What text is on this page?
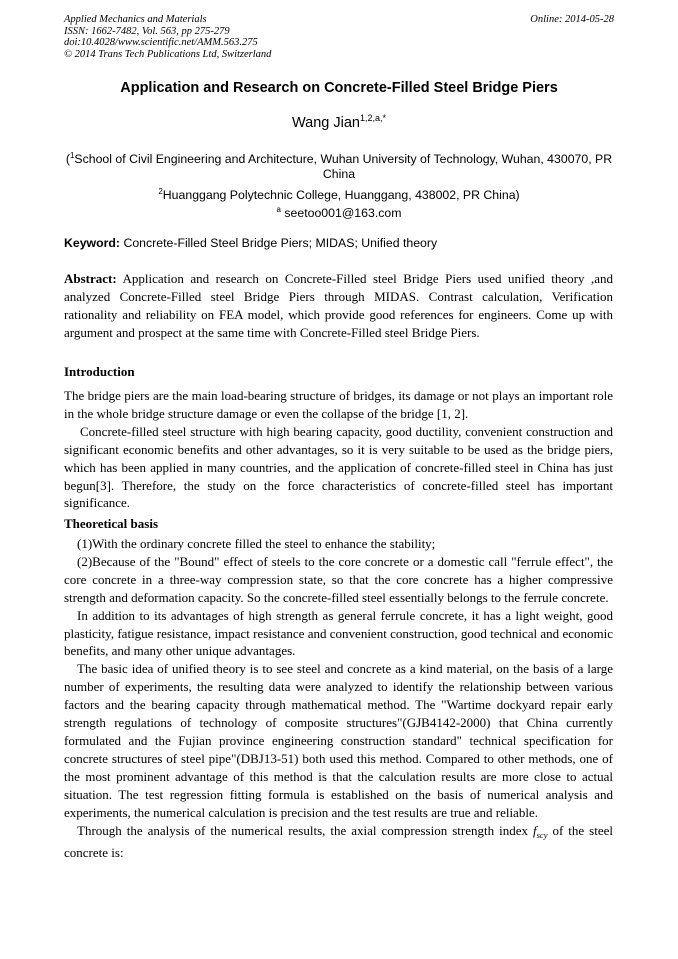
Applied Mechanics and Materials
ISSN: 1662-7482, Vol. 563, pp 275-279
doi:10.4028/www.scientific.net/AMM.563.275
© 2014 Trans Tech Publications Ltd, Switzerland
Online: 2014-05-28
Application and Research on Concrete-Filled Steel Bridge Piers
Wang Jian$^{1,2,a,*}$
($^1$School of Civil Engineering and Architecture, Wuhan University of Technology, Wuhan, 430070, PR China
$^2$Huanggang Polytechnic College, Huanggang, 438002, PR China)
$^a$ seetoo001@163.com
Keyword: Concrete-Filled Steel Bridge Piers; MIDAS; Unified theory

Abstract: Application and research on Concrete-Filled steel Bridge Piers used unified theory ,and analyzed Concrete-Filled steel Bridge Piers through MIDAS. Contrast calculation, Verification rationality and reliability on FEA model, which provide good references for engineers. Come up with argument and prospect at the same time with Concrete-Filled steel Bridge Piers.

Introduction

The bridge piers are the main load-bearing structure of bridges, its damage or not plays an important role in the whole bridge structure damage or even the collapse of the bridge [1, 2].

Concrete-filled steel structure with high bearing capacity, good ductility, convenient construction and significant economic benefits and other advantages, so it is very suitable to be used as the bridge piers, which has been applied in many countries, and the application of concrete-filled steel in China has just begun[3]. Therefore, the study on the force characteristics of concrete-filled steel has important significance.

Theoretical basis

(1)With the ordinary concrete filled the steel to enhance the stability;

(2)Because of the "Bound" effect of steels to the core concrete or a domestic call "ferrule effect", the core concrete in a three-way compression state, so that the core concrete has a higher compressive strength and deformation capacity. So the concrete-filled steel essentially belongs to the ferrule concrete.

In addition to its advantages of high strength as general ferrule concrete, it has a light weight, good plasticity, fatigue resistance, impact resistance and convenient construction, good technical and economic benefits, and many other unique advantages.

The basic idea of unified theory is to see steel and concrete as a kind material, on the basis of a large number of experiments, the resulting data were analyzed to identify the relationship between various factors and the bearing capacity through mathematical method. The "Wartime dockyard repair early strength regulations of technology of composite structures"(GJB4142-2000) that China currently formulated and the Fujian province engineering construction standard" technical specification for concrete structures of steel pipe"(DBJ13-51) both used this method. Compared to other methods, one of the most prominent advantage of this method is that the calculation results are more close to actual situation. The test regression fitting formula is established on the basis of numerical analysis and experiments, the numerical calculation is precision and the test results are true and reliable.

Through the analysis of the numerical results, the axial compression strength index $f_{scy}$ of the steel concrete is:
